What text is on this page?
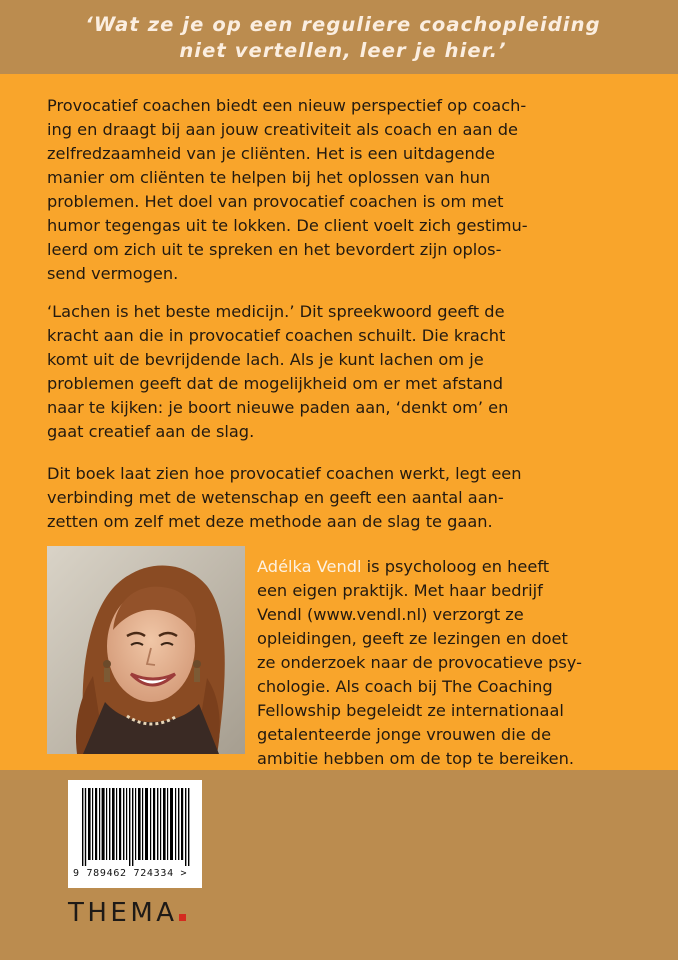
‘Wat ze je op een reguliere coachopleiding
niet vertellen, leer je hier.’

Provocatief coachen biedt een nieuw perspectief op coach-
ing en draagt bij aan jouw creativiteit als coach en aan de
zelfredzaamheid van je cliënten. Het is een uitdagende
manier om cliënten te helpen bij het oplossen van hun
problemen. Het doel van provocatief coachen is om met
humor tegengas uit te lokken. De client voelt zich gestimu-
leerd om zich uit te spreken en het bevordert zijn oplos-
send vermogen.

‘Lachen is het beste medicijn.’ Dit spreekwoord geeft de
kracht aan die in provocatief coachen schuilt. Die kracht
komt uit de bevrijdende lach. Als je kunt lachen om je
problemen geeft dat de mogelijkheid om er met afstand
naar te kijken: je boort nieuwe paden aan, ‘denkt om’ en
gaat creatief aan de slag.

Dit boek laat zien hoe provocatief coachen werkt, legt een
verbinding met de wetenschap en geeft een aantal aan-
zetten om zelf met deze methode aan de slag te gaan.

Adélka Vendl is psycholoog en heeft
een eigen praktijk. Met haar bedrijf
Vendl (www.vendl.nl) verzorgt ze
opleidingen, geeft ze lezingen en doet
ze onderzoek naar de provocatieve psy-
chologie. Als coach bij The Coaching
Fellowship begeleidt ze internationaal
getalenteerde jonge vrouwen die de
ambitie hebben om de top te bereiken.

9 789462 724334 >
THEMA
